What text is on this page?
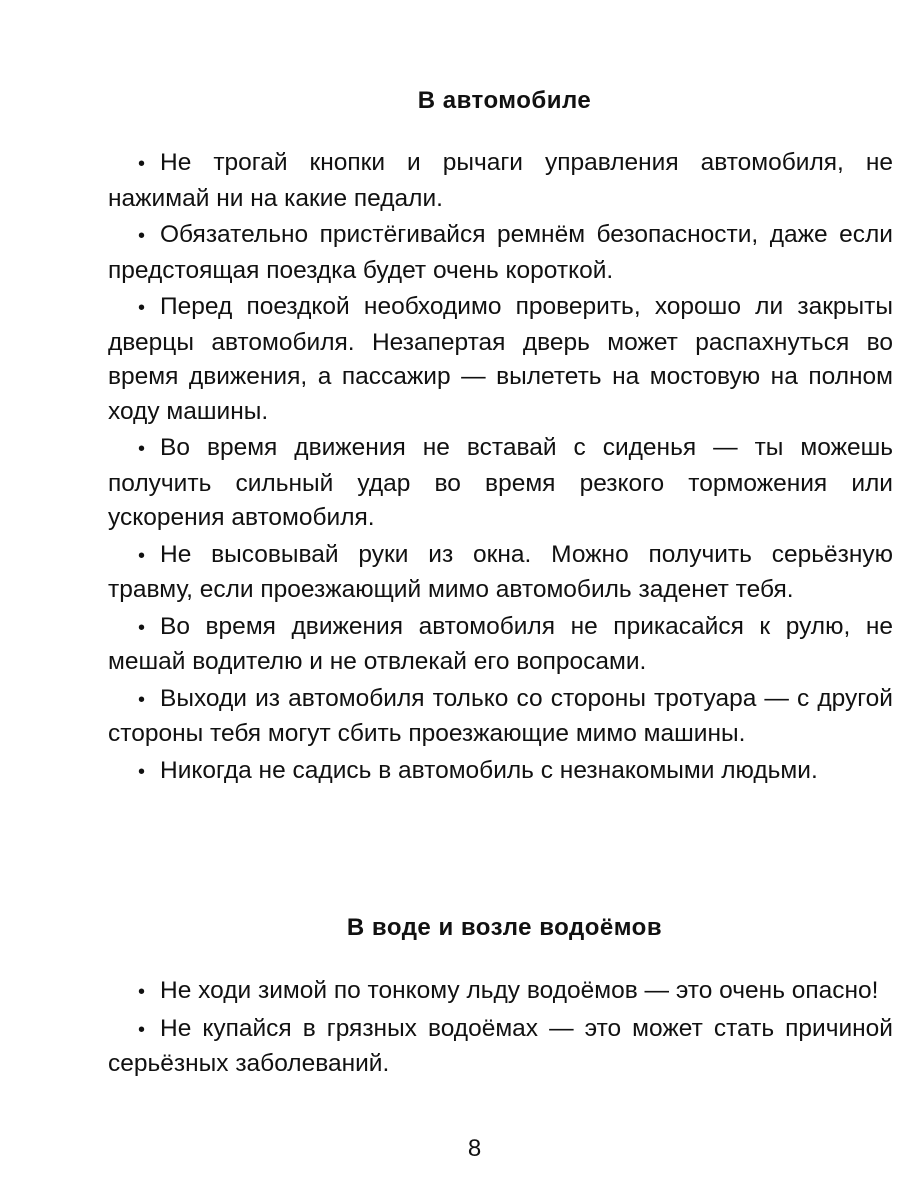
В автомобиле
• Не трогай кнопки и рычаги управления автомобиля, не нажимай ни на какие педали.
• Обязательно пристёгивайся ремнём безопасности, даже если предстоящая поездка будет очень короткой.
• Перед поездкой необходимо проверить, хорошо ли закрыты дверцы автомобиля. Незапертая дверь может распахнуться во время движения, а пассажир — вылететь на мостовую на полном ходу машины.
• Во время движения не вставай с сиденья — ты можешь получить сильный удар во время резкого торможения или ускорения автомобиля.
• Не высовывай руки из окна. Можно получить серьёзную травму, если проезжающий мимо автомобиль заденет тебя.
• Во время движения автомобиля не прикасайся к рулю, не мешай водителю и не отвлекай его вопросами.
• Выходи из автомобиля только со стороны тротуара — с другой стороны тебя могут сбить проезжающие мимо машины.
• Никогда не садись в автомобиль с незнакомыми людьми.
В воде и возле водоёмов
• Не ходи зимой по тонкому льду водоёмов — это очень опасно!
• Не купайся в грязных водоёмах — это может стать причиной серьёзных заболеваний.
8
